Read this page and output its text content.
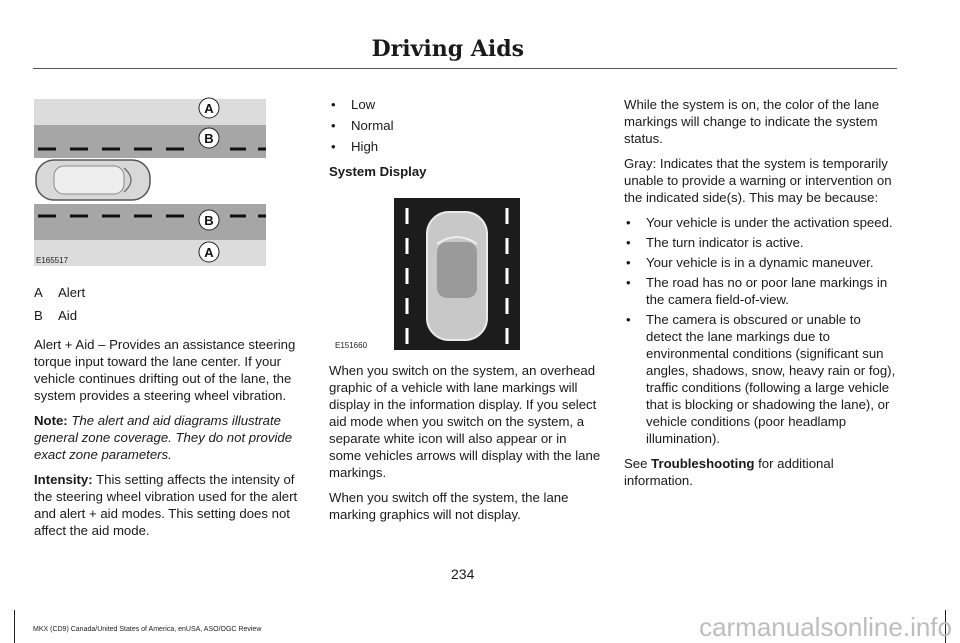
Driving Aids
A
B
B
A
E165517
A	Alert
B	Aid

Alert + Aid – Provides an assistance steering torque input toward the lane center. If your vehicle continues drifting out of the lane, the system provides a steering wheel vibration.

Note: The alert and aid diagrams illustrate general zone coverage. They do not provide exact zone parameters.

Intensity: This setting affects the intensity of the steering wheel vibration used for the alert and alert + aid modes. This setting does not affect the aid mode.

• Low
• Normal
• High

System Display

E151660

When you switch on the system, an overhead graphic of a vehicle with lane markings will display in the information display. If you select aid mode when you switch on the system, a separate white icon will also appear or in some vehicles arrows will display with the lane markings.

When you switch off the system, the lane marking graphics will not display.

While the system is on, the color of the lane markings will change to indicate the system status.

Gray: Indicates that the system is temporarily unable to provide a warning or intervention on the indicated side(s). This may be because:

• Your vehicle is under the activation speed.
• The turn indicator is active.
• Your vehicle is in a dynamic maneuver.
• The road has no or poor lane markings in the camera field-of-view.
• The camera is obscured or unable to detect the lane markings due to environmental conditions (significant sun angles, shadows, snow, heavy rain or fog), traffic conditions (following a large vehicle that is blocking or shadowing the lane), or vehicle conditions (poor headlamp illumination).

See Troubleshooting for additional information.

234
MKX (CD9) Canada/United States of America, enUSA, ASO/OGC Review	carmanualsonline.info
